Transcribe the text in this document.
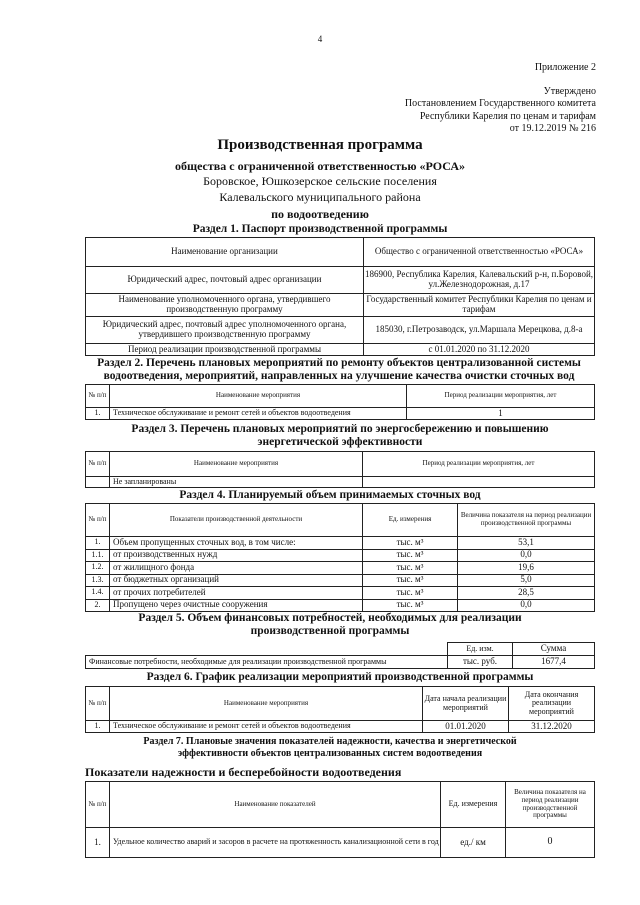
4
Приложение 2
Утверждено
Постановлением Государственного комитета
Республики Карелия по ценам и тарифам
от 19.12.2019 № 216
Производственная программа
общества с ограниченной ответственностью «РОСА»
Боровское, Юшкозерское сельские поселения
Калевальского муниципального района
по водоотведению
Раздел 1. Паспорт производственной программы
Наименование организации	Общество с ограниченной ответственностью «РОСА»
Юридический адрес, почтовый адрес организации	186900, Республика Карелия, Калевальский р-н, п.Боровой, ул.Железнодорожная, д.17
Наименование уполномоченного органа, утвердившего производственную программу	Государственный комитет Республики Карелия по ценам и тарифам
Юридический адрес, почтовый адрес уполномоченного органа, утвердившего производственную программу	185030, г.Петрозаводск, ул.Маршала Мерецкова, д.8-а
Период реализации производственной программы	с 01.01.2020 по 31.12.2020
Раздел 2. Перечень плановых мероприятий по ремонту объектов централизованной системы водоотведения, мероприятий, направленных на улучшение качества очистки сточных вод
№ п/п	Наименование мероприятия	Период реализации мероприятия, лет
1.	Техническое обслуживание и ремонт сетей и объектов водоотведения	1
Раздел 3. Перечень плановых мероприятий по энергосбережению и повышению энергетической эффективности
№ п/п	Наименование мероприятия	Период реализации мероприятия, лет
	Не запланированы	
Раздел 4. Планируемый объем принимаемых сточных вод
№ п/п	Показатели производственной деятельности	Ед. измерения	Величина показателя на период реализации производственной программы
1.	Объем пропущенных сточных вод, в том числе:	тыс. м³	53,1
1.1.	от производственных нужд	тыс. м³	0,0
1.2.	от жилищного фонда	тыс. м³	19,6
1.3.	от бюджетных организаций	тыс. м³	5,0
1.4.	от прочих потребителей	тыс. м³	28,5
2.	Пропущено через очистные сооружения	тыс. м³	0,0
Раздел 5. Объем финансовых потребностей, необходимых для реализации производственной программы
	Ед. изм.	Сумма
Финансовые потребности, необходимые для реализации производственной программы	тыс. руб.	1677,4
Раздел 6. График реализации мероприятий производственной программы
№ п/п	Наименование мероприятия	Дата начала реализации мероприятий	Дата окончания реализации мероприятий
1.	Техническое обслуживание и ремонт сетей и объектов водоотведения	01.01.2020	31.12.2020
Раздел 7. Плановые значения показателей надежности, качества и энергетической эффективности объектов централизованных систем водоотведения
Показатели надежности и бесперебойности водоотведения
№ п/п	Наименование показателей	Ед. измерения	Величина показателя на период реализации производственной программы
1.	Удельное количество аварий и засоров в расчете на протяженность канализационной сети в год	ед./ км	0
